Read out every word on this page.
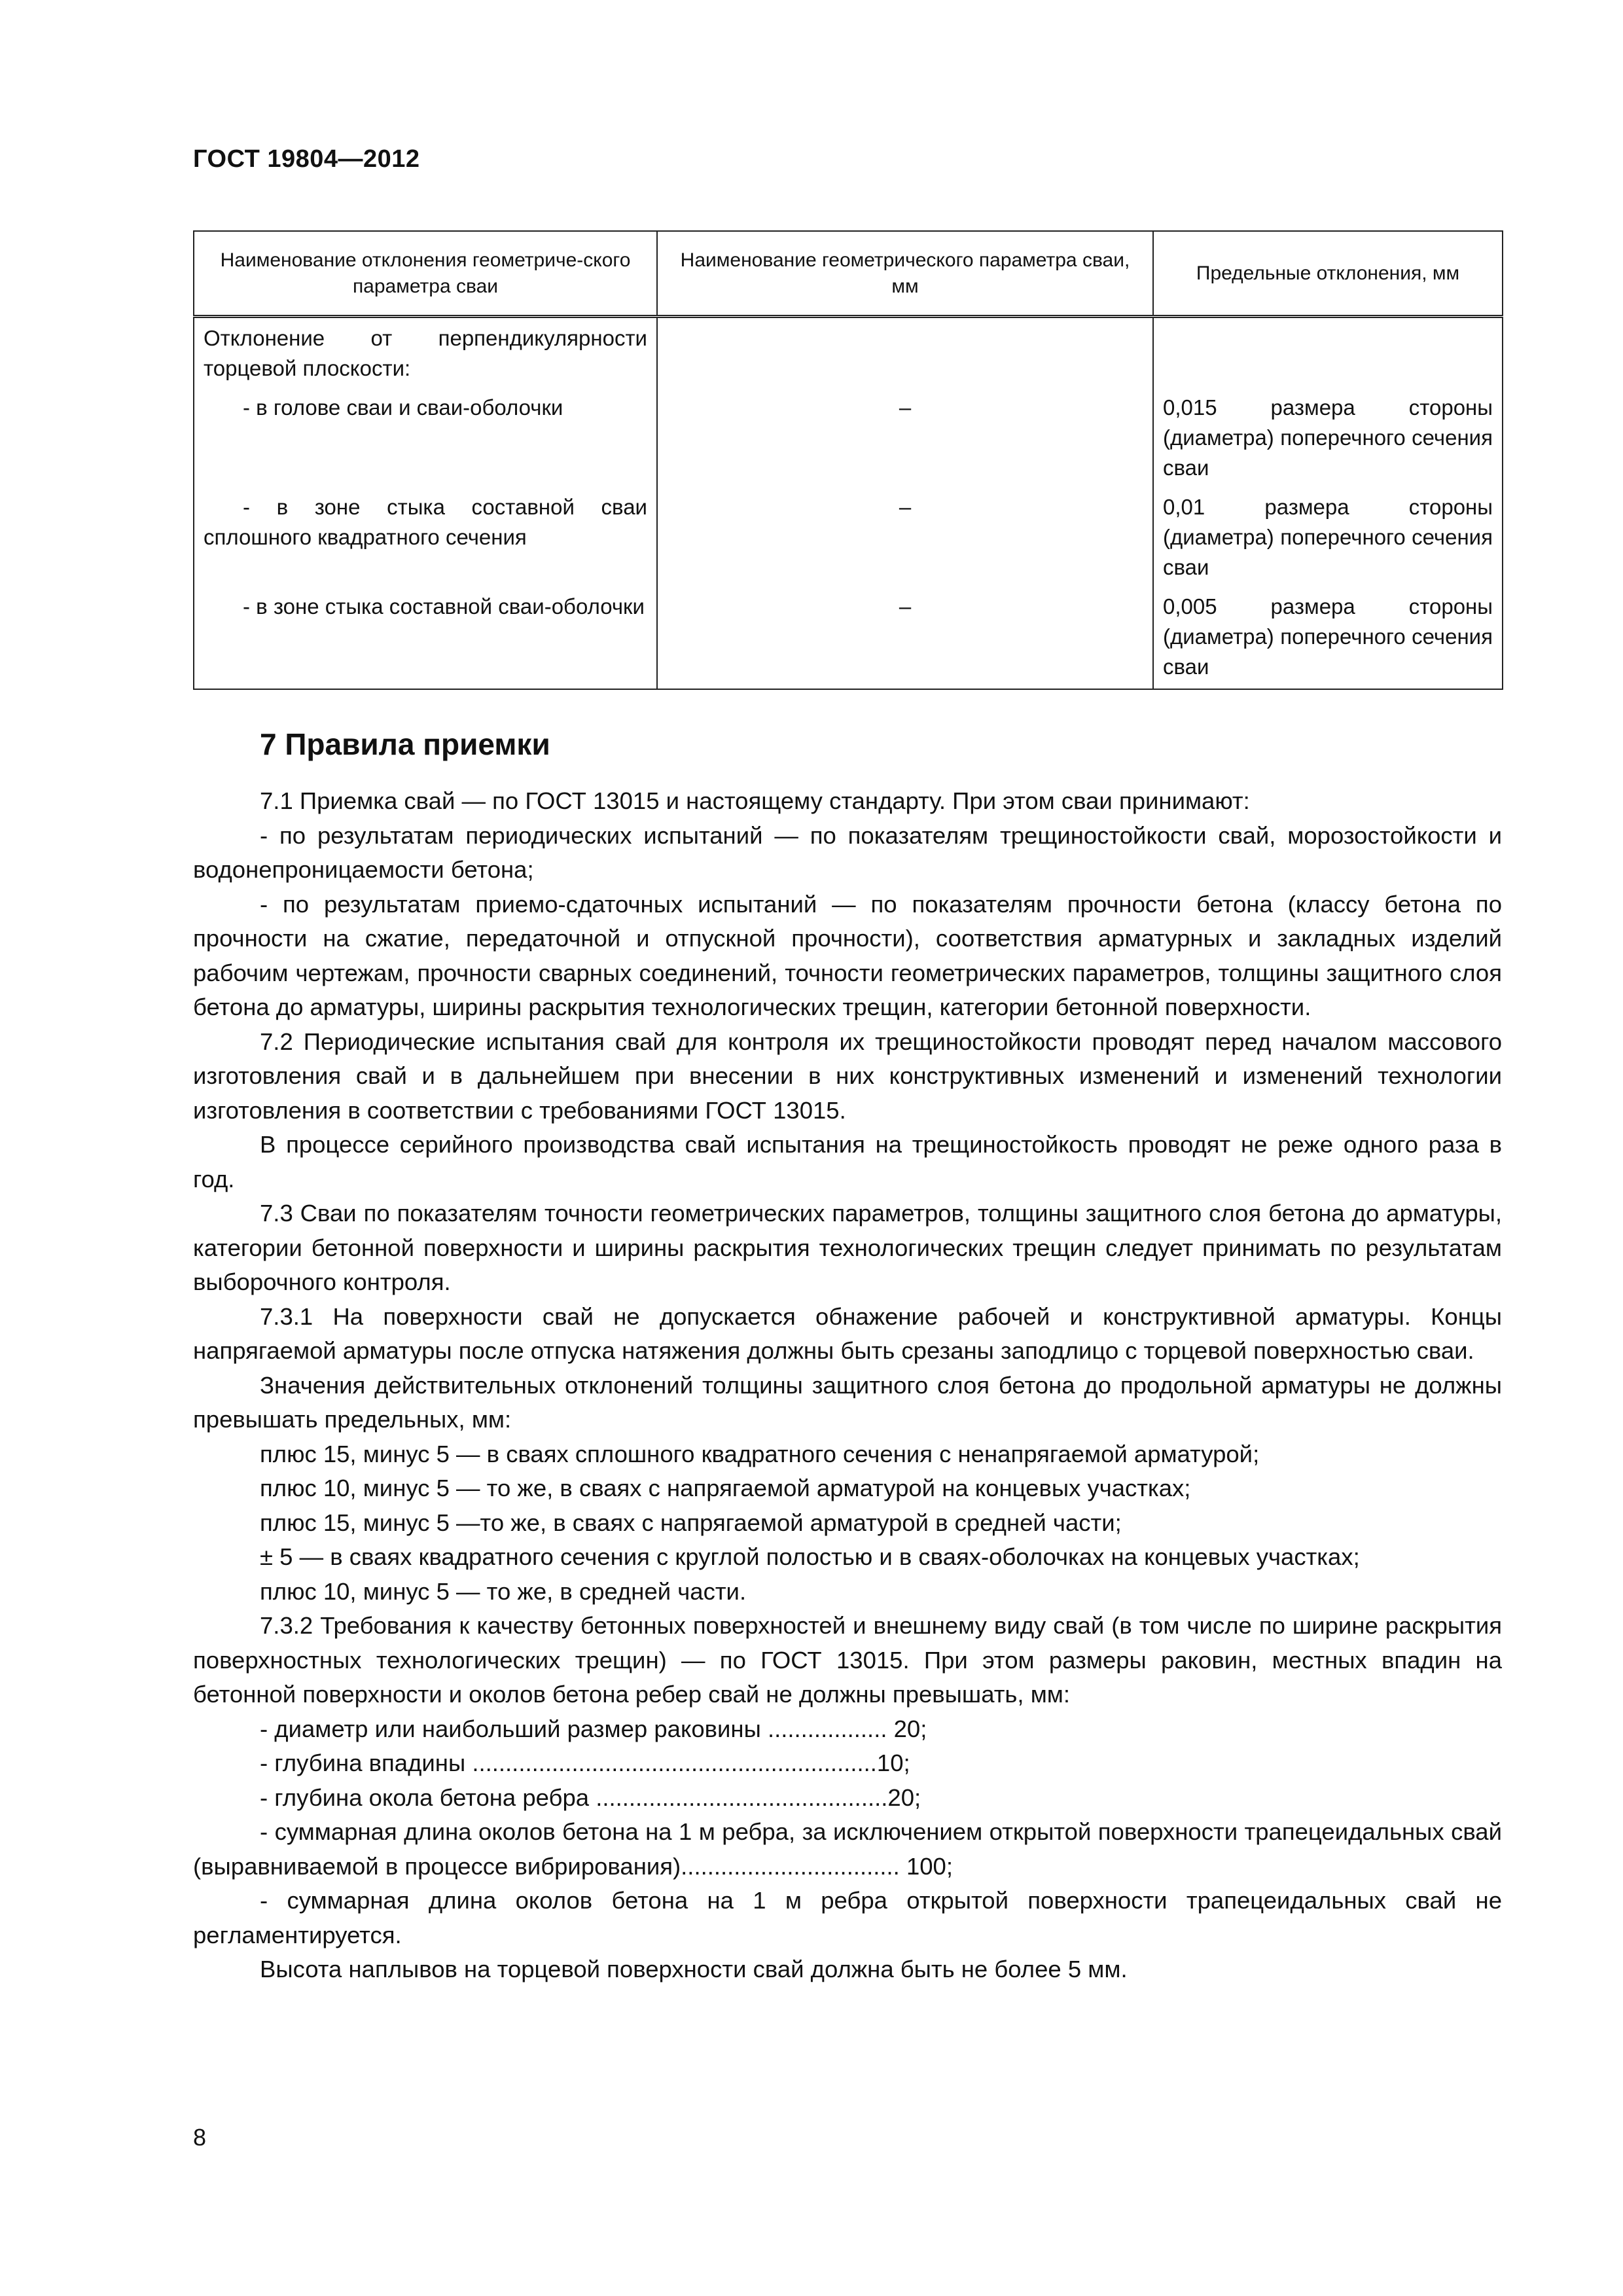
ГОСТ 19804—2012
Наименование отклонения геометриче-ского параметра сваи	Наименование геометрического параметра сваи, мм	Предельные отклонения, мм
Отклонение от перпендикулярности торцевой плоскости:		

- в голове сваи и сваи-оболочки	–	0,015 размера стороны (диаметра) поперечного сечения сваи

- в зоне стыка составной сваи сплошного квадратного сечения	–	0,01 размера стороны (диаметра) поперечного сечения сваи

- в зоне стыка составной сваи-оболочки	–	0,005 размера стороны (диаметра) поперечного сечения сваи
7 Правила приемки

7.1 Приемка свай — по ГОСТ 13015 и настоящему стандарту. При этом сваи принимают:

- по результатам периодических испытаний — по показателям трещиностойкости свай, морозостойкости и водонепроницаемости бетона;

- по результатам приемо-сдаточных испытаний — по показателям прочности бетона (классу бетона по прочности на сжатие, передаточной и отпускной прочности), соответствия арматурных и закладных изделий рабочим чертежам, прочности сварных соединений, точности геометрических параметров, толщины защитного слоя бетона до арматуры, ширины раскрытия технологических трещин, категории бетонной поверхности.

7.2 Периодические испытания свай для контроля их трещиностойкости проводят перед началом массового изготовления свай и в дальнейшем при внесении в них конструктивных изменений и изменений технологии изготовления в соответствии с требованиями ГОСТ 13015.

В процессе серийного производства свай испытания на трещиностойкость проводят не реже одного раза в год.

7.3 Сваи по показателям точности геометрических параметров, толщины защитного слоя бетона до арматуры, категории бетонной поверхности и ширины раскрытия технологических трещин следует принимать по результатам выборочного контроля.

7.3.1 На поверхности свай не допускается обнажение рабочей и конструктивной арматуры. Концы напрягаемой арматуры после отпуска натяжения должны быть срезаны заподлицо с торцевой поверхностью сваи.

Значения действительных отклонений толщины защитного слоя бетона до продольной арматуры не должны превышать предельных, мм:

плюс 15, минус 5 — в сваях сплошного квадратного сечения с ненапрягаемой арматурой;

плюс 10, минус 5 — то же, в сваях с напрягаемой арматурой на концевых участках;

плюс 15, минус 5 —то же, в сваях с напрягаемой арматурой в средней части;

± 5 — в сваях квадратного сечения с круглой полостью и в сваях-оболочках на концевых участках;

плюс 10, минус 5 — то же, в средней части.

7.3.2 Требования к качеству бетонных поверхностей и внешнему виду свай (в том числе по ширине раскрытия поверхностных технологических трещин) — по ГОСТ 13015. При этом размеры раковин, местных впадин на бетонной поверхности и околов бетона ребер свай не должны превышать, мм:

- диаметр или наибольший размер раковины .................. 20;

- глубина впадины .............................................................10;

- глубина окола бетона ребра ............................................20;

- суммарная длина околов бетона на 1 м ребра, за исключением открытой поверхности трапецеидальных свай (выравниваемой в процессе вибрирования)................................. 100;

- суммарная длина околов бетона на 1 м ребра открытой поверхности трапецеидальных свай не регламентируется.

Высота наплывов на торцевой поверхности свай должна быть не более 5 мм.

8
